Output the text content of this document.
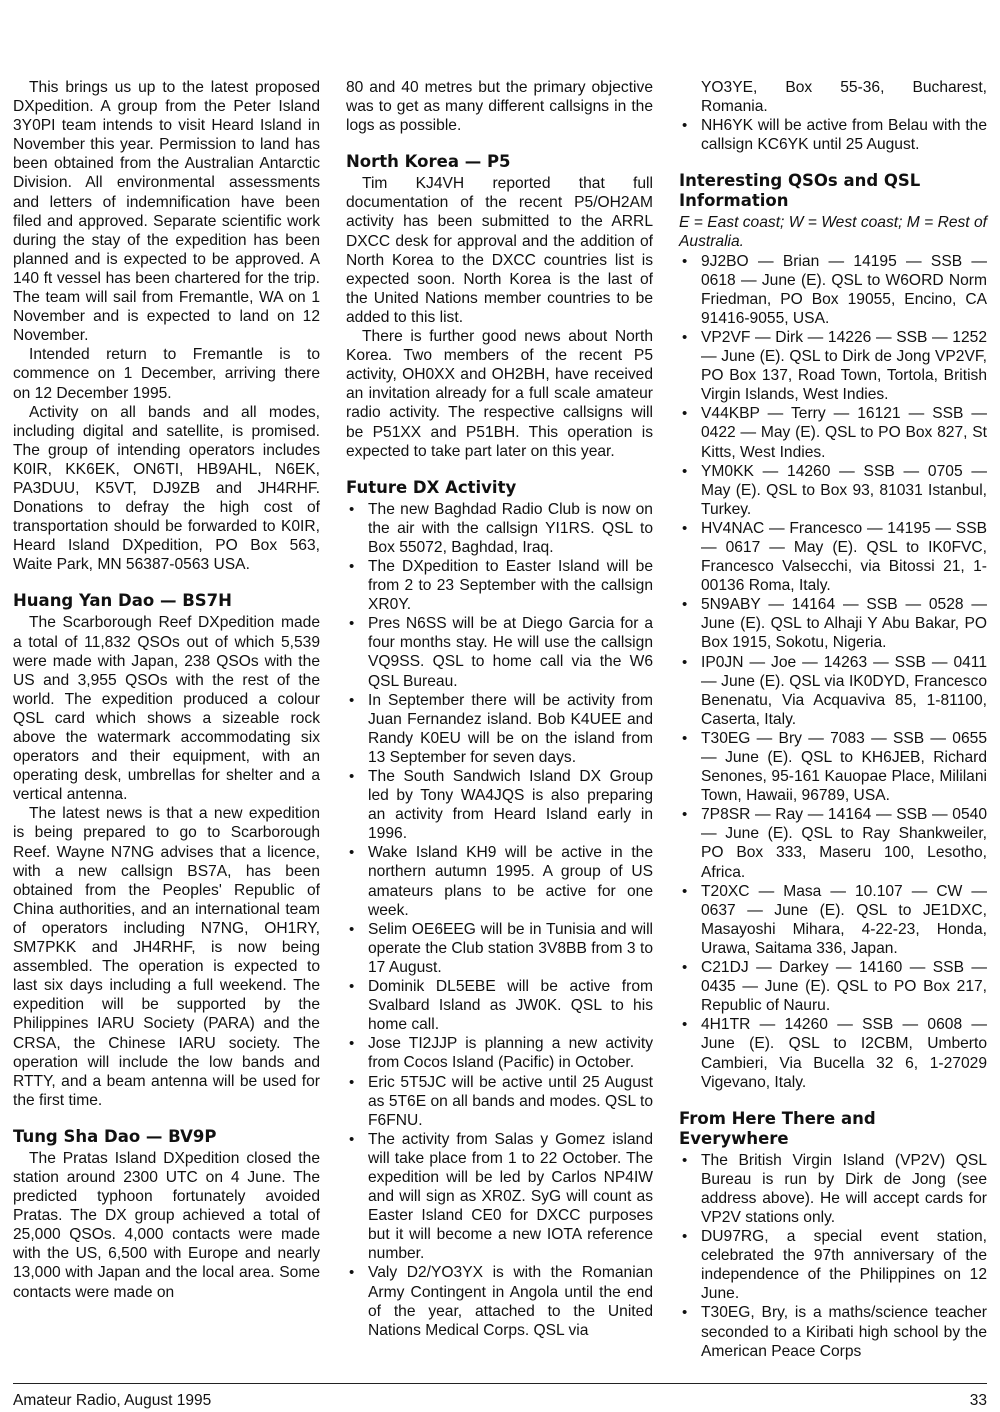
This brings us up to the latest proposed DXpedition. A group from the Peter Island 3Y0PI team intends to visit Heard Island in November this year. Permission to land has been obtained from the Australian Antarctic Division. All environmental assessments and letters of indemnification have been filed and approved. Separate scientific work during the stay of the expedition has been planned and is expected to be approved. A 140 ft vessel has been chartered for the trip. The team will sail from Fremantle, WA on 1 November and is expected to land on 12 November.

Intended return to Fremantle is to commence on 1 December, arriving there on 12 December 1995.

Activity on all bands and all modes, including digital and satellite, is promised. The group of intending operators includes K0IR, KK6EK, ON6TI, HB9AHL, N6EK, PA3DUU, K5VT, DJ9ZB and JH4RHF. Donations to defray the high cost of transportation should be forwarded to K0IR, Heard Island DXpedition, PO Box 563, Waite Park, MN 56387-0563 USA.

Huang Yan Dao — BS7H

The Scarborough Reef DXpedition made a total of 11,832 QSOs out of which 5,539 were made with Japan, 238 QSOs with the US and 3,955 QSOs with the rest of the world. The expedition produced a colour QSL card which shows a sizeable rock above the watermark accommodating six operators and their equipment, with an operating desk, umbrellas for shelter and a vertical antenna.

The latest news is that a new expedition is being prepared to go to Scarborough Reef. Wayne N7NG advises that a licence, with a new callsign BS7A, has been obtained from the Peoples' Republic of China authorities, and an international team of operators including N7NG, OH1RY, SM7PKK and JH4RHF, is now being assembled. The operation is expected to last six days including a full weekend. The expedition will be supported by the Philippines IARU Society (PARA) and the CRSA, the Chinese IARU society. The operation will include the low bands and RTTY, and a beam antenna will be used for the first time.

Tung Sha Dao — BV9P

The Pratas Island DXpedition closed the station around 2300 UTC on 4 June. The predicted typhoon fortunately avoided Pratas. The DX group achieved a total of 25,000 QSOs. 4,000 contacts were made with the US, 6,500 with Europe and nearly 13,000 with Japan and the local area. Some contacts were made on

80 and 40 metres but the primary objective was to get as many different callsigns in the logs as possible.

North Korea — P5

Tim KJ4VH reported that full documentation of the recent P5/OH2AM activity has been submitted to the ARRL DXCC desk for approval and the addition of North Korea to the DXCC countries list is expected soon. North Korea is the last of the United Nations member countries to be added to this list.

There is further good news about North Korea. Two members of the recent P5 activity, OH0XX and OH2BH, have received an invitation already for a full scale amateur radio activity. The respective callsigns will be P51XX and P51BH. This operation is expected to take part later on this year.

Future DX Activity
• The new Baghdad Radio Club is now on the air with the callsign YI1RS. QSL to Box 55072, Baghdad, Iraq.
• The DXpedition to Easter Island will be from 2 to 23 September with the callsign XR0Y.
• Pres N6SS will be at Diego Garcia for a four months stay. He will use the callsign VQ9SS. QSL to home call via the W6 QSL Bureau.
• In September there will be activity from Juan Fernandez island. Bob K4UEE and Randy K0EU will be on the island from 13 September for seven days.
• The South Sandwich Island DX Group led by Tony WA4JQS is also preparing an activity from Heard Island early in 1996.
• Wake Island KH9 will be active in the northern autumn 1995. A group of US amateurs plans to be active for one week.
• Selim OE6EEG will be in Tunisia and will operate the Club station 3V8BB from 3 to 17 August.
• Dominik DL5EBE will be active from Svalbard Island as JW0K. QSL to his home call.
• Jose TI2JJP is planning a new activity from Cocos Island (Pacific) in October.
• Eric 5T5JC will be active until 25 August as 5T6E on all bands and modes. QSL to F6FNU.
• The activity from Salas y Gomez island will take place from 1 to 22 October. The expedition will be led by Carlos NP4IW and will sign as XR0Z. SyG will count as Easter Island CE0 for DXCC purposes but it will become a new IOTA reference number.
• Valy D2/YO3YX is with the Romanian Army Contingent in Angola until the end of the year, attached to the United Nations Medical Corps. QSL via

YO3YE, Box 55-36, Bucharest, Romania.

• NH6YK will be active from Belau with the callsign KC6YK until 25 August.
Interesting QSOs and QSL Information

E = East coast; W = West coast; M = Rest of Australia.

• 9J2BO — Brian — 14195 — SSB — 0618 — June (E). QSL to W6ORD Norm Friedman, PO Box 19055, Encino, CA 91416-9055, USA.
• VP2VF — Dirk — 14226 — SSB — 1252 — June (E). QSL to Dirk de Jong VP2VF, PO Box 137, Road Town, Tortola, British Virgin Islands, West Indies.
• V44KBP — Terry — 16121 — SSB — 0422 — May (E). QSL to PO Box 827, St Kitts, West Indies.
• YM0KK — 14260 — SSB — 0705 — May (E). QSL to Box 93, 81031 Istanbul, Turkey.
• HV4NAC — Francesco — 14195 — SSB — 0617 — May (E). QSL to IK0FVC, Francesco Valsecchi, via Bitossi 21, 1-00136 Roma, Italy.
• 5N9ABY — 14164 — SSB — 0528 — June (E). QSL to Alhaji Y Abu Bakar, PO Box 1915, Sokotu, Nigeria.
• IP0JN — Joe — 14263 — SSB — 0411 — June (E). QSL via IK0DYD, Francesco Benenatu, Via Acquaviva 85, 1-81100, Caserta, Italy.
• T30EG — Bry — 7083 — SSB — 0655 — June (E). QSL to KH6JEB, Richard Senones, 95-161 Kauopae Place, Mililani Town, Hawaii, 96789, USA.
• 7P8SR — Ray — 14164 — SSB — 0540 — June (E). QSL to Ray Shankweiler, PO Box 333, Maseru 100, Lesotho, Africa.
• T20XC — Masa — 10.107 — CW — 0637 — June (E). QSL to JE1DXC, Masayoshi Mihara, 4-22-23, Honda, Urawa, Saitama 336, Japan.
• C21DJ — Darkey — 14160 — SSB — 0435 — June (E). QSL to PO Box 217, Republic of Nauru.
• 4H1TR — 14260 — SSB — 0608 — June (E). QSL to I2CBM, Umberto Cambieri, Via Bucella 32 6, 1-27029 Vigevano, Italy.
From Here There and Everywhere
• The British Virgin Island (VP2V) QSL Bureau is run by Dirk de Jong (see address above). He will accept cards for VP2V stations only.
• DU97RG, a special event station, celebrated the 97th anniversary of the independence of the Philippines on 12 June.
• T30EG, Bry, is a maths/science teacher seconded to a Kiribati high school by the American Peace Corps
Amateur Radio, August 1995	33
